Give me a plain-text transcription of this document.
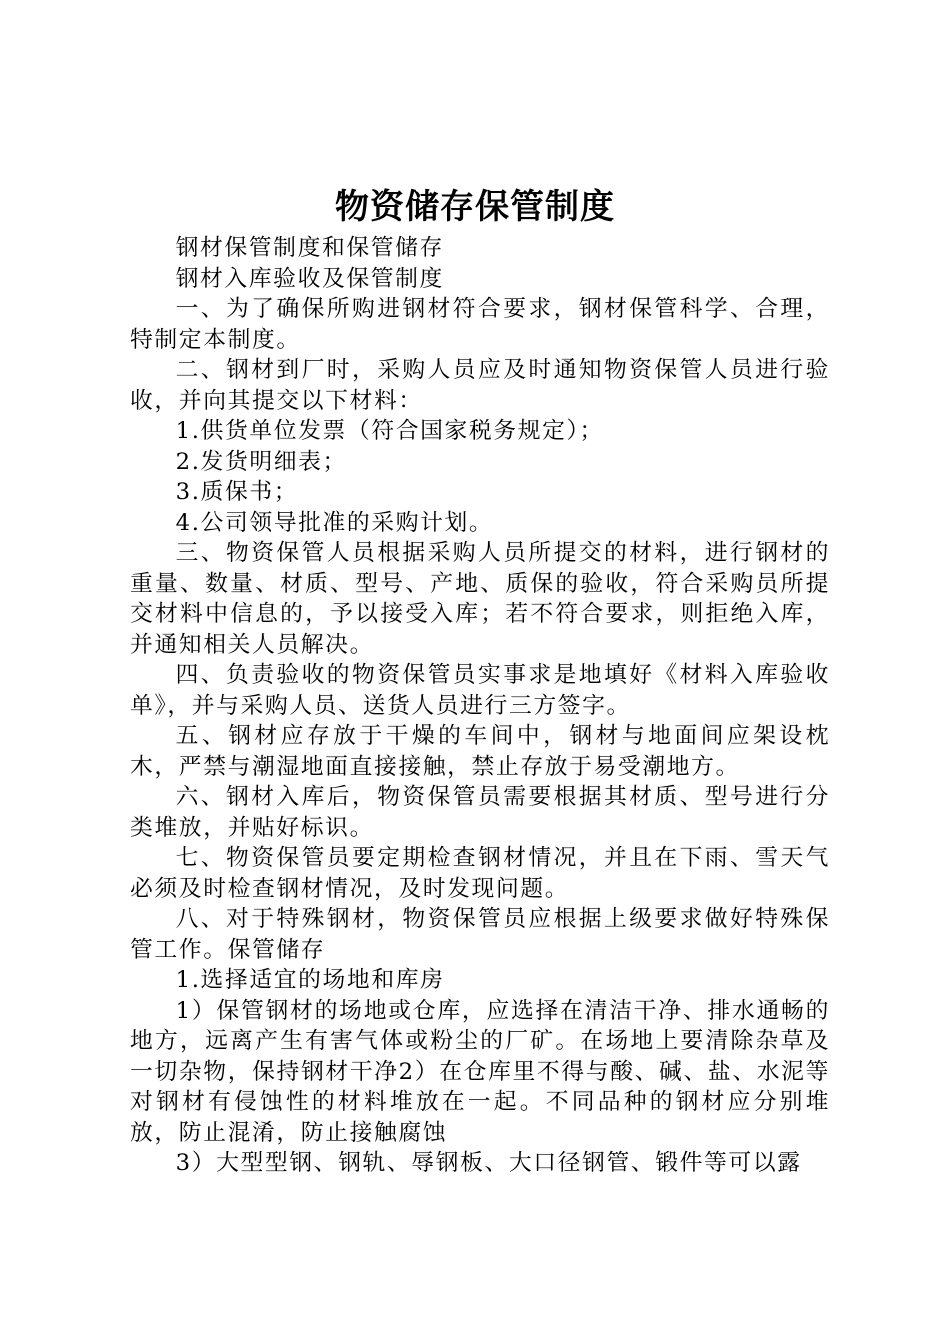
物资储存保管制度

钢材保管制度和保管储存

钢材入库验收及保管制度

一、为了确保所购进钢材符合要求，钢材保管科学、合理，特制定本制度。

二、钢材到厂时，采购人员应及时通知物资保管人员进行验收，并向其提交以下材料：

1.供货单位发票（符合国家税务规定）；

2.发货明细表；

3.质保书；

4.公司领导批准的采购计划。

三、物资保管人员根据采购人员所提交的材料，进行钢材的重量、数量、材质、型号、产地、质保的验收，符合采购员所提交材料中信息的，予以接受入库；若不符合要求，则拒绝入库，并通知相关人员解决。

四、负责验收的物资保管员实事求是地填好《材料入库验收单》，并与采购人员、送货人员进行三方签字。

五、钢材应存放于干燥的车间中，钢材与地面间应架设枕木，严禁与潮湿地面直接接触，禁止存放于易受潮地方。

六、钢材入库后，物资保管员需要根据其材质、型号进行分类堆放，并贴好标识。

七、物资保管员要定期检查钢材情况，并且在下雨、雪天气必须及时检查钢材情况，及时发现问题。

八、对于特殊钢材，物资保管员应根据上级要求做好特殊保管工作。保管储存

1.选择适宜的场地和库房

1）保管钢材的场地或仓库，应选择在清洁干净、排水通畅的地方，远离产生有害气体或粉尘的厂矿。在场地上要清除杂草及一切杂物，保持钢材干净2）在仓库里不得与酸、碱、盐、水泥等对钢材有侵蚀性的材料堆放在一起。不同品种的钢材应分别堆放，防止混淆，防止接触腐蚀

3）大型型钢、钢轨、辱钢板、大口径钢管、锻件等可以露
